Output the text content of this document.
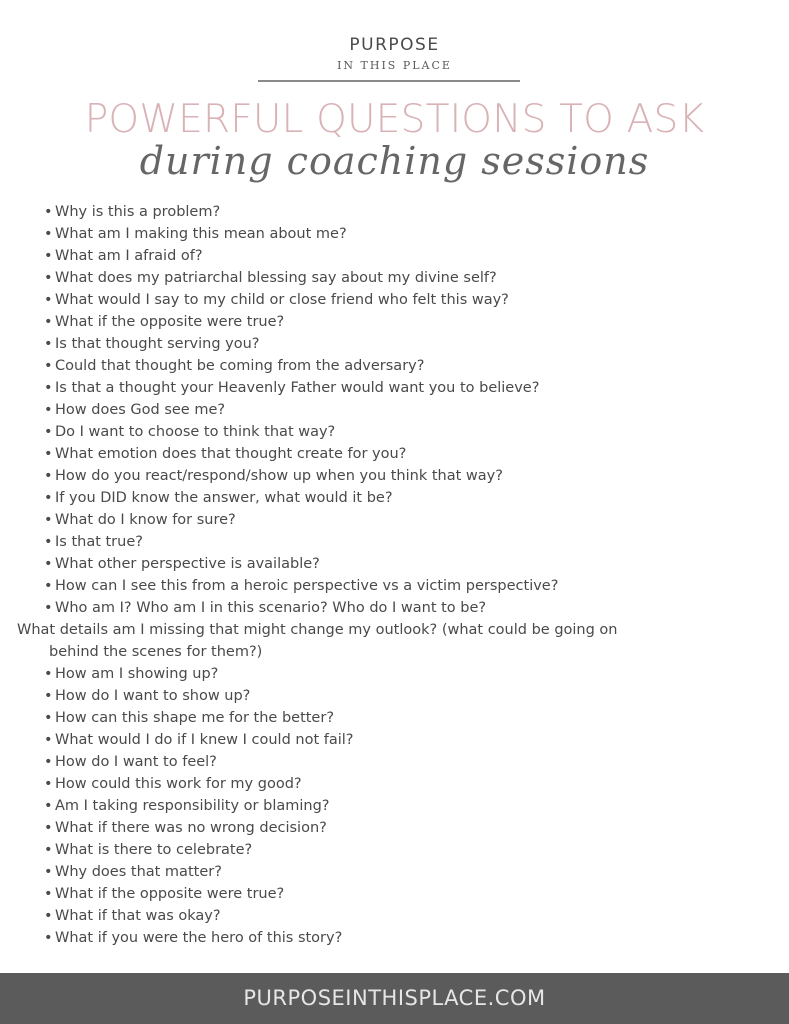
PURPOSE
IN THIS PLACE
POWERFUL QUESTIONS TO ASK
during coaching sessions
• Why is this a problem?
• What am I making this mean about me?
• What am I afraid of?
• What does my patriarchal blessing say about my divine self?
• What would I say to my child or close friend who felt this way?
• What if the opposite were true?
• Is that thought serving you?
• Could that thought be coming from the adversary?
• Is that a thought your Heavenly Father would want you to believe?
• How does God see me?
• Do I want to choose to think that way?
• What emotion does that thought create for you?
• How do you react/respond/show up when you think that way?
• If you DID know the answer, what would it be?
• What do I know for sure?
• Is that true?
• What other perspective is available?
• How can I see this from a heroic perspective vs a victim perspective?
• Who am I? Who am I in this scenario? Who do I want to be?
What details am I missing that might change my outlook? (what could be going on
behind the scenes for them?)
• How am I showing up?
• How do I want to show up?
• How can this shape me for the better?
• What would I do if I knew I could not fail?
• How do I want to feel?
• How could this work for my good?
• Am I taking responsibility or blaming?
• What if there was no wrong decision?
• What is there to celebrate?
• Why does that matter?
• What if the opposite were true?
• What if that was okay?
• What if you were the hero of this story?
PURPOSEINTHISPLACE.COM
